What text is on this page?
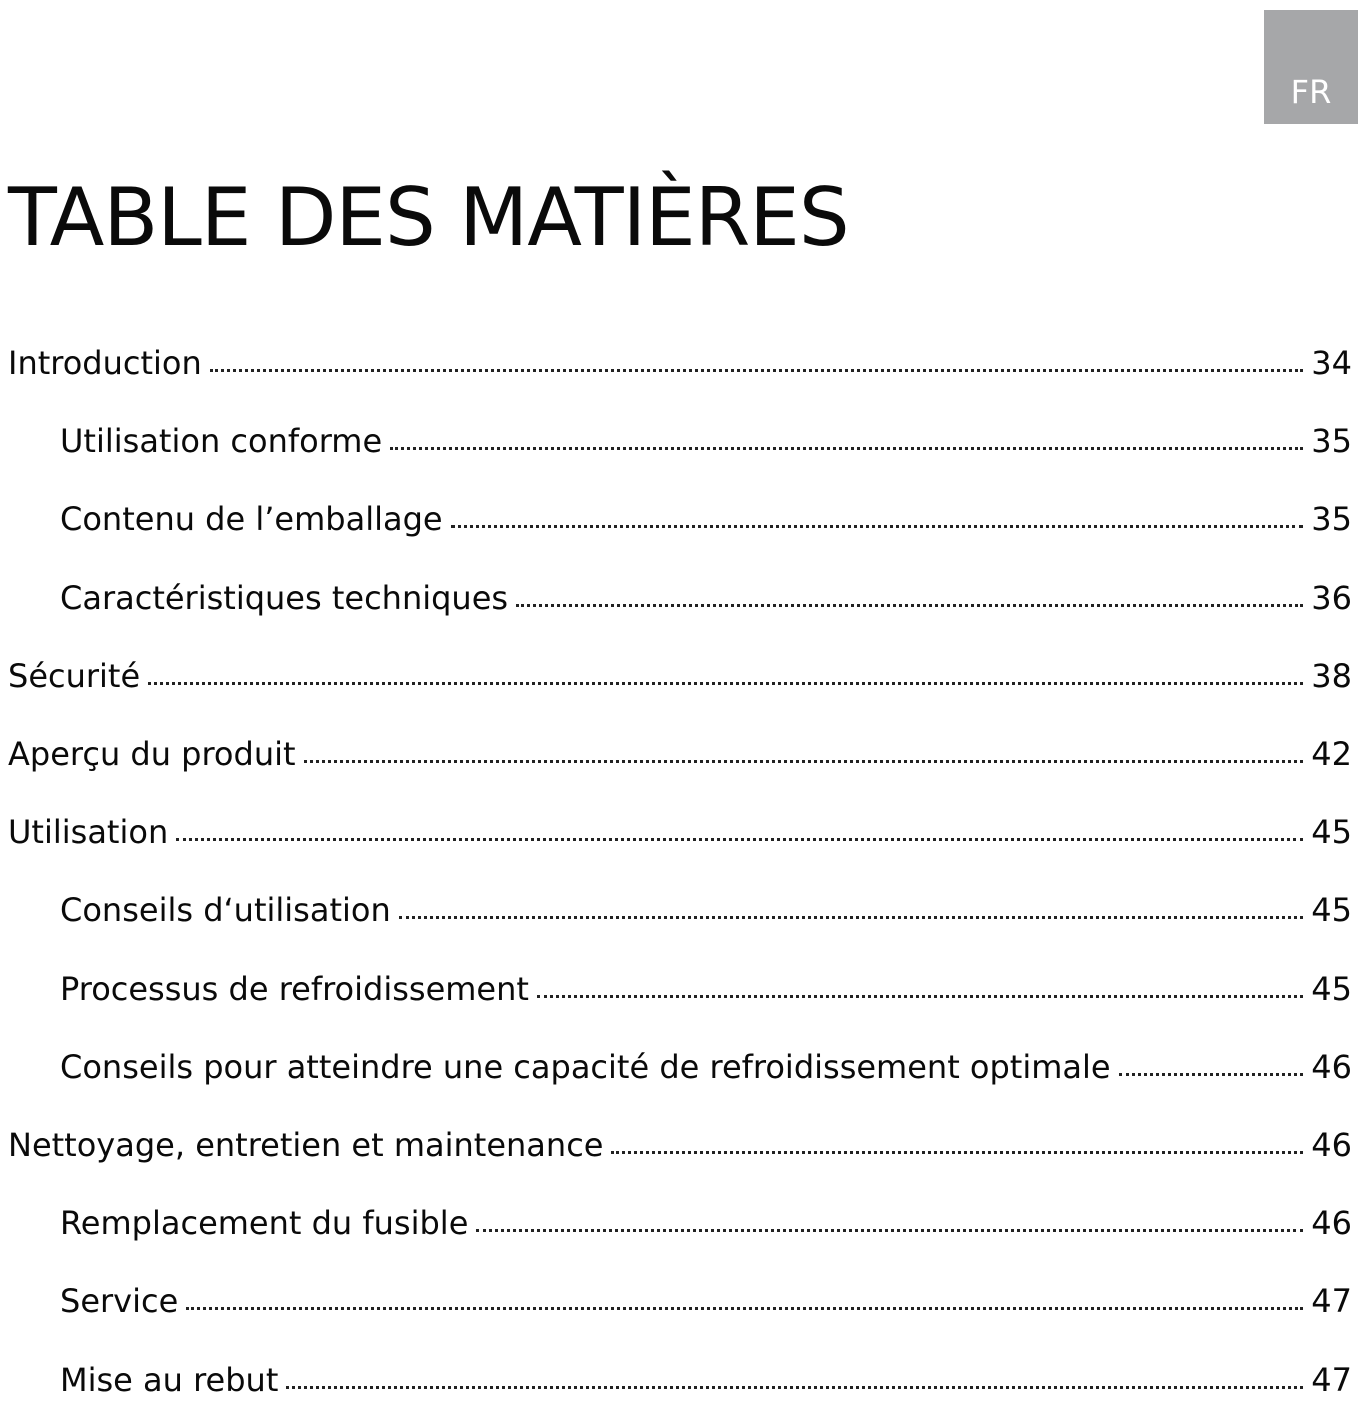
FR
TABLE DES MATIÈRES
Introduction	34
Utilisation conforme	35
Contenu de l’emballage	35
Caractéristiques techniques	36
Sécurité	38
Aperçu du produit	42
Utilisation	45
Conseils d‘utilisation	45
Processus de refroidissement	45
Conseils pour atteindre une capacité de refroidissement optimale	46
Nettoyage, entretien et maintenance	46
Remplacement du fusible	46
Service	47
Mise au rebut	47
